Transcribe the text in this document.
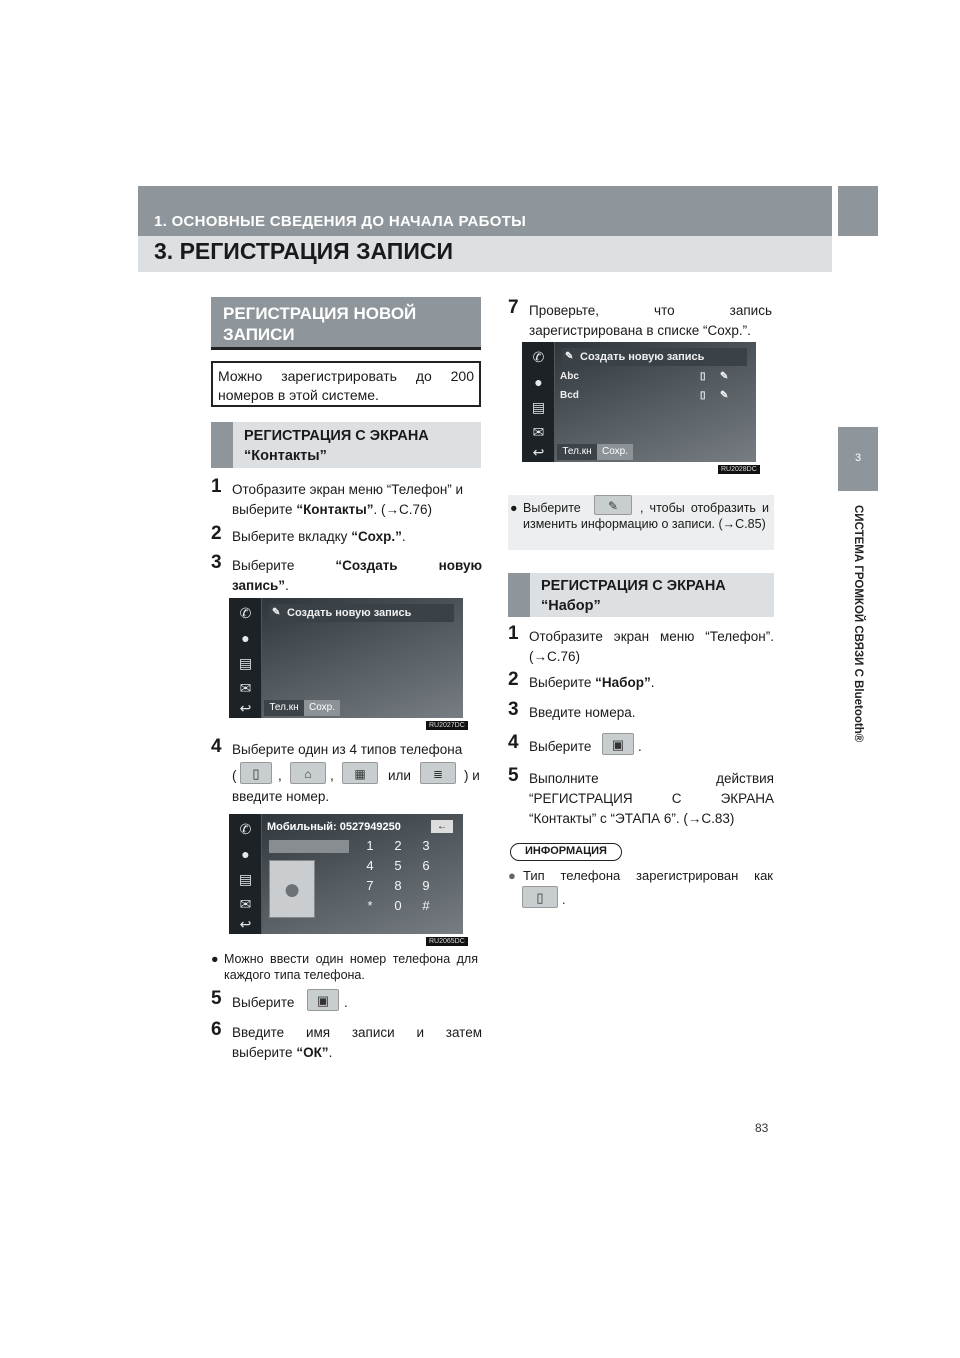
1. ОСНОВНЫЕ СВЕДЕНИЯ ДО НАЧАЛА РАБОТЫ
3. РЕГИСТРАЦИЯ ЗАПИСИ
3
СИСТЕМА ГРОМКОЙ СВЯЗИ С Bluetooth®
РЕГИСТРАЦИЯ НОВОЙ
ЗАПИСИ
Можно зарегистрировать до 200 номеров в этой системе.
РЕГИСТРАЦИЯ С ЭКРАНА
“Контакты”
1 Отобразите экран меню “Телефон” и выберите “Контакты”. (→С.76)
2 Выберите вкладку “Сохр.”.
3 Выберите	“Создать	новую
запись”.
✆
●
▤
✉
↩
✎ Создать новую запись
Тел.кн	Сохр.
RU2027DC
4 Выберите один из 4 типов телефона
(	▯	,	⌂	,	▦	или	≣	) и
введите номер.
✆
●
▤
✉
↩
Мобильный: 0527949250	←
●
1	2	3
4	5	6
7	8	9
*	0	#
RU2065DC
● Можно ввести один номер телефона для каждого типа телефона.
5 Выберите	▣	.
6 Введите имя записи и затем
выберите “ОК”.
7 Проверьте, что запись
зарегистрирована в списке “Сохр.”.
✆
●
▤
✉
↩
✎ Создать новую запись
Abc	▯ ✎
Bcd	▯ ✎
Тел.кн	Сохр.
RU2028DC
● Выберите	✎	, чтобы отобразить и изменить информацию о записи. (→С.85)
РЕГИСТРАЦИЯ С ЭКРАНА
“Набор”
1 Отобразите экран меню “Телефон”.
(→С.76)
2 Выберите “Набор”.
3 Введите номера.
4 Выберите	▣	.
5 Выполните действия
“РЕГИСТРАЦИЯ С ЭКРАНА
“Контакты” с “ЭТАПА 6”. (→С.83)
ИНФОРМАЦИЯ
● Тип телефона зарегистрирован как
▯	.
83
